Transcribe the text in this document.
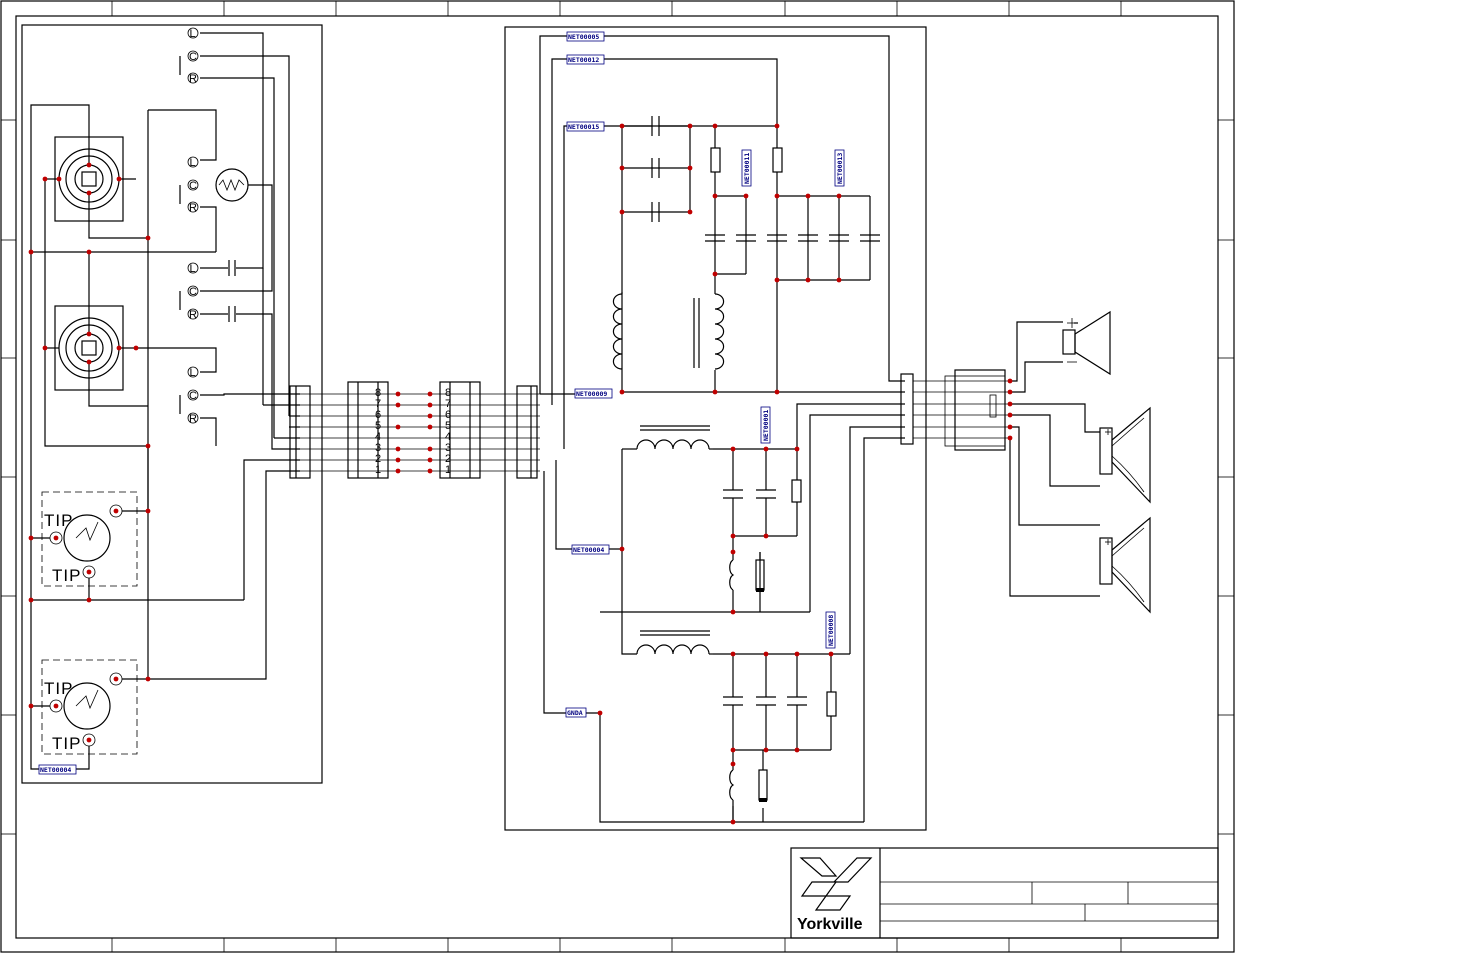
L
C
R
L
C
R
L
C
R
L
C
R
TIP
TIP
TIP
TIP
NET00004
8
7
6
5
4
3
2
1
8
7
6
5
4
3
2
1
NET00005
NET00012
NET00015
NET00011	NET00013
NET00009
NET00001
NET00004
NET00008
GNDA
Yorkville
